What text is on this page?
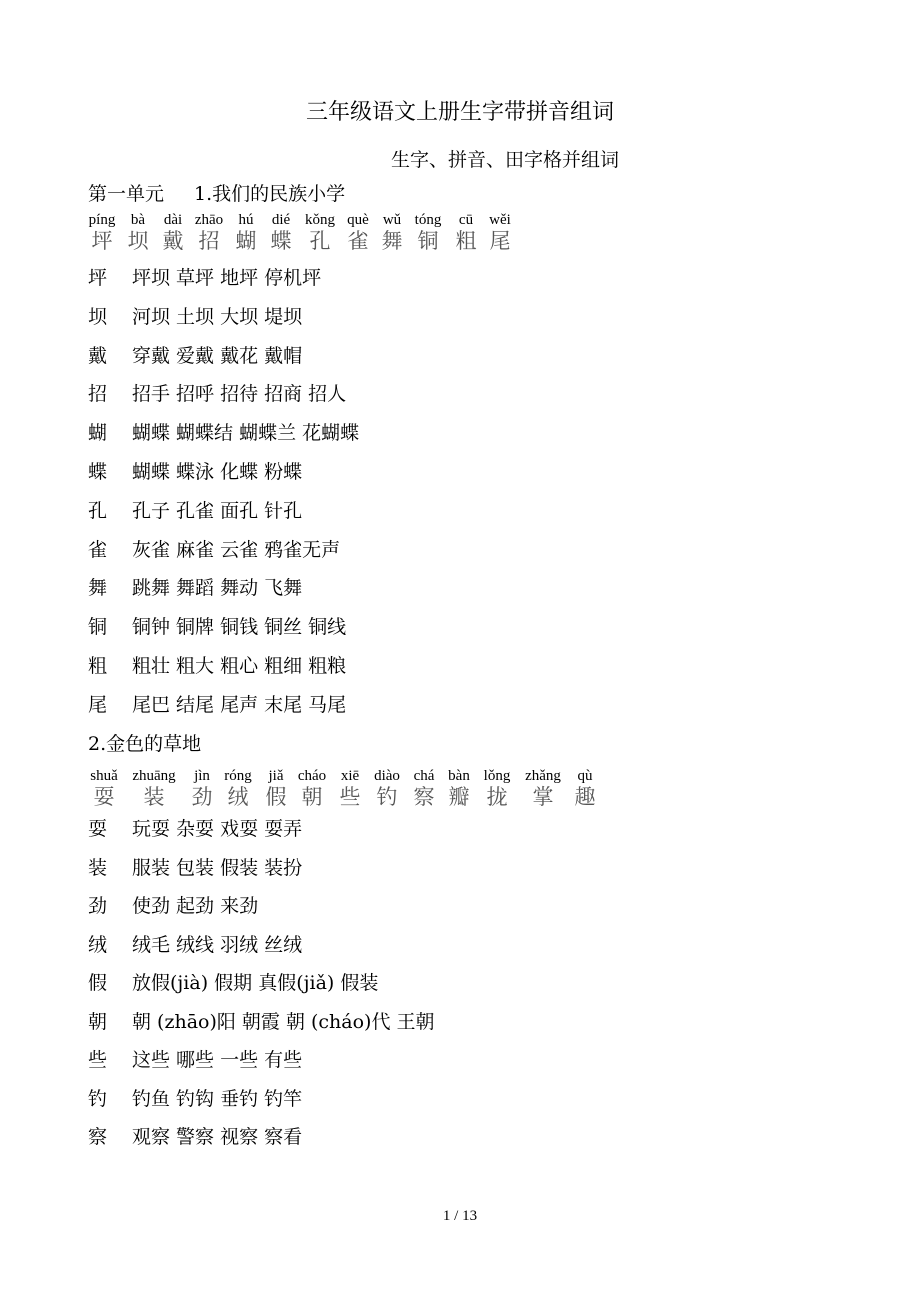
三年级语文上册生字带拼音组词
生字、拼音、田字格并组词
第一单元 1.我们的民族小学
píng
坪
bà
坝
dài
戴
zhāo
招
hú
蝴
dié
蝶
kǒng
孔
què
雀
wǔ
舞
tóng
铜
cū
粗
wěi
尾
坪 坪坝 草坪 地坪 停机坪
坝 河坝 土坝 大坝 堤坝
戴 穿戴 爱戴 戴花 戴帽
招 招手 招呼 招待 招商 招人
蝴 蝴蝶 蝴蝶结 蝴蝶兰 花蝴蝶
蝶 蝴蝶 蝶泳 化蝶 粉蝶
孔 孔子 孔雀 面孔 针孔
雀 灰雀 麻雀 云雀 鸦雀无声
舞 跳舞 舞蹈 舞动 飞舞
铜 铜钟 铜牌 铜钱 铜丝 铜线
粗 粗壮 粗大 粗心 粗细 粗粮
尾 尾巴 结尾 尾声 末尾 马尾
2.金色的草地
shuǎ
耍
zhuāng
装
jìn
劲
róng
绒
jiǎ
假
cháo
朝
xiē
些
diào
钓
chá
察
bàn
瓣
lǒng
拢
zhǎng
掌
qù
趣
耍 玩耍 杂耍 戏耍 耍弄
装 服装 包装 假装 装扮
劲 使劲 起劲 来劲
绒 绒毛 绒线 羽绒 丝绒
假 放假(jià) 假期 真假(jiǎ) 假装
朝 朝 (zhāo)阳 朝霞 朝 (cháo)代 王朝
些 这些 哪些 一些 有些
钓 钓鱼 钓钩 垂钓 钓竿
察 观察 警察 视察 察看
1 / 13
